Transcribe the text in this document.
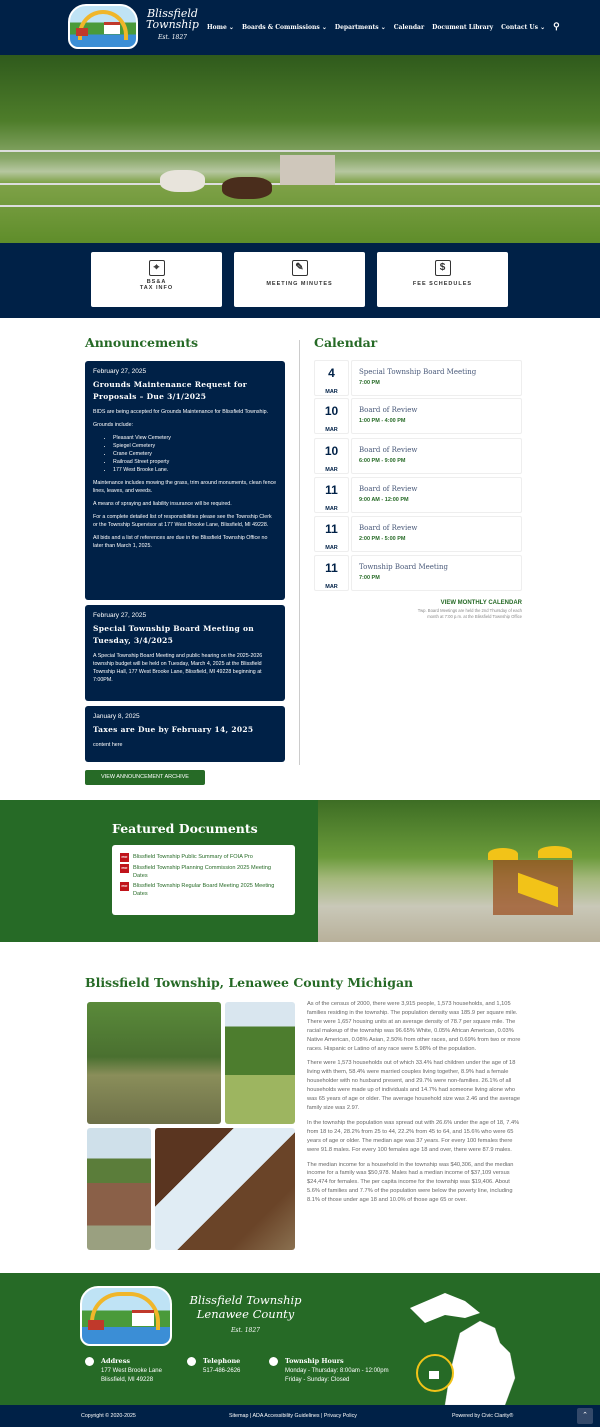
Blissfield
Township
Est. 1827
Home ⌄ Boards & Commissions ⌄ Departments ⌄ Calendar Document Library Contact Us ⌄ ⚲
⌖
BS&A
TAX INFO
✎
MEETING MINUTES
$
FEE SCHEDULES
Announcements
February 27, 2025
Grounds Maintenance Request for Proposals – Due 3/1/2025

BIDS are being accepted for Grounds Maintenance for Blissfield Township.

Grounds include:

• Pleasant View Cemetery
• Spiegel Cemetery
• Crane Cemetery
• Railroad Street property
• 177 West Brooke Lane.

Maintenance includes mowing the grass, trim around monuments, clean fence lines, leaves, and weeds.

A means of spraying and liability insurance will be required.

For a complete detailed list of responsibilities please see the Township Clerk or the Township Supervisor at 177 West Brooke Lane, Blissfield, MI 49228.

All bids and a list of references are due in the Blissfield Township Office no later than March 1, 2025.

February 27, 2025
Special Township Board Meeting on Tuesday, 3/4/2025

A Special Township Board Meeting and public hearing on the 2025-2026 township budget will be held on Tuesday, March 4, 2025 at the Blissfield Township Hall, 177 West Brooke Lane, Blissfield, MI 49228 beginning at 7:00PM.

January 8, 2025
Taxes are Due by February 14, 2025

content here

VIEW ANNOUNCEMENT ARCHIVE
Calendar
4
MAR
Special Township Board Meeting
7:00 PM
10
MAR
Board of Review
1:00 PM - 4:00 PM
10
MAR
Board of Review
6:00 PM - 9:00 PM
11
MAR
Board of Review
9:00 AM - 12:00 PM
11
MAR
Board of Review
2:00 PM - 5:00 PM
11
MAR
Township Board Meeting
7:00 PM
VIEW MONTHLY CALENDAR
Twp. Board Meetings are held the 2nd Thursday of each
month at 7:00 p.m. at the Blissfield Township Office
Featured Documents
PDF Blissfield Township Public Summary of FOIA Pro
PDF Blissfield Township Planning Commission 2025 Meeting Dates
PDF Blissfield Township Regular Board Meeting 2025 Meeting Dates
Blissfield Township, Lenawee County Michigan

As of the census of 2000, there were 3,915 people, 1,573 households, and 1,105 families residing in the township. The population density was 185.9 per square mile. There were 1,657 housing units at an average density of 78.7 per square mile. The racial makeup of the township was 96.65% White, 0.05% African American, 0.03% Native American, 0.08% Asian, 2.50% from other races, and 0.69% from two or more races. Hispanic or Latino of any race were 5.98% of the population.

There were 1,573 households out of which 33.4% had children under the age of 18 living with them, 58.4% were married couples living together, 8.9% had a female householder with no husband present, and 29.7% were non-families. 26.1% of all households were made up of individuals and 14.7% had someone living alone who was 65 years of age or older. The average household size was 2.46 and the average family size was 2.97.

In the township the population was spread out with 26.6% under the age of 18, 7.4% from 18 to 24, 28.2% from 25 to 44, 22.2% from 45 to 64, and 15.6% who were 65 years of age or older. The median age was 37 years. For every 100 females there were 91.8 males. For every 100 females age 18 and over, there were 87.9 males.

The median income for a household in the township was $40,306, and the median income for a family was $50,978. Males had a median income of $37,109 versus $24,474 for females. The per capita income for the township was $19,406. About 5.6% of families and 7.7% of the population were below the poverty line, including 8.1% of those under age 18 and 10.0% of those age 65 or over.

Blissfield Township
Lenawee County
Est. 1827
Address
177 West Brooke Lane
Blissfield, MI 49228
Telephone
517-486-2626
Township Hours
Monday - Thursday: 8:00am - 12:00pm
Friday - Sunday: Closed
Copyright © 2020-2025	Sitemap | ADA Accessibility Guidelines | Privacy Policy	Powered by Civic Clarity®	⌃
